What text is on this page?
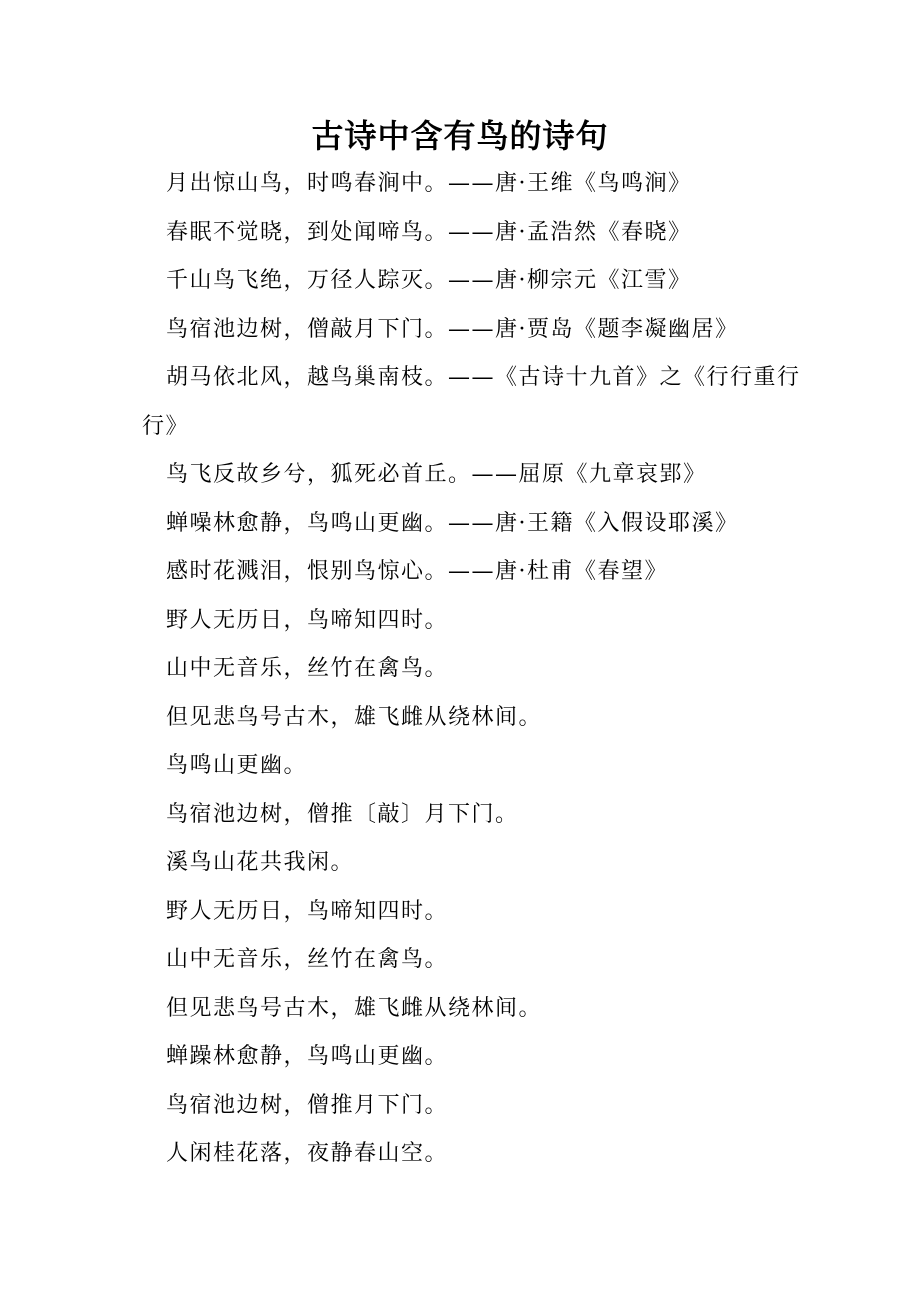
古诗中含有鸟的诗句
月出惊山鸟，时鸣春涧中。——唐·王维《鸟鸣涧》
春眠不觉晓，到处闻啼鸟。——唐·孟浩然《春晓》
千山鸟飞绝，万径人踪灭。——唐·柳宗元《江雪》
鸟宿池边树，僧敲月下门。——唐·贾岛《题李凝幽居》
胡马依北风，越鸟巢南枝。——《古诗十九首》之《行行重行行》
鸟飞反故乡兮，狐死必首丘。——屈原《九章哀郢》
蝉噪林愈静，鸟鸣山更幽。——唐·王籍《入假设耶溪》
感时花溅泪，恨别鸟惊心。——唐·杜甫《春望》
野人无历日，鸟啼知四时。
山中无音乐，丝竹在禽鸟。
但见悲鸟号古木，雄飞雌从绕林间。
鸟鸣山更幽。
鸟宿池边树，僧推〔敲〕月下门。
溪鸟山花共我闲。
野人无历日，鸟啼知四时。
山中无音乐，丝竹在禽鸟。
但见悲鸟号古木，雄飞雌从绕林间。
蝉躁林愈静，鸟鸣山更幽。
鸟宿池边树，僧推月下门。
人闲桂花落，夜静春山空。
